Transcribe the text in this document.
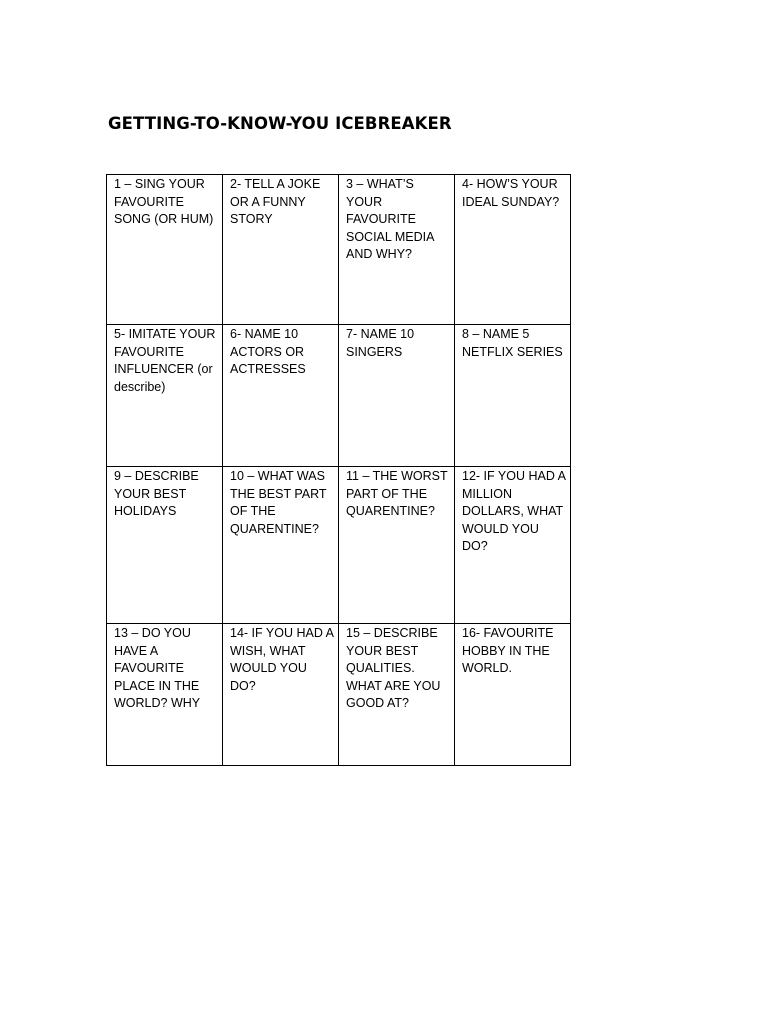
GETTING-TO-KNOW-YOU ICEBREAKER
1 – SING YOUR FAVOURITE SONG (OR HUM)	2- TELL A JOKE OR A FUNNY STORY	3 – WHAT’S YOUR FAVOURITE SOCIAL MEDIA AND WHY?	4- HOW’S YOUR IDEAL SUNDAY?

5- IMITATE YOUR FAVOURITE INFLUENCER (or describe)	6- NAME 10 ACTORS OR ACTRESSES	7- NAME 10 SINGERS	8 – NAME 5 NETFLIX SERIES

9 – DESCRIBE YOUR BEST HOLIDAYS	10 – WHAT WAS THE BEST PART OF THE QUARENTINE?	11 – THE WORST PART OF THE QUARENTINE?	12- IF YOU HAD A MILLION DOLLARS, WHAT WOULD YOU DO?

13 – DO YOU HAVE A FAVOURITE PLACE IN THE WORLD? WHY	14- IF YOU HAD A WISH, WHAT WOULD YOU DO?	15 – DESCRIBE YOUR BEST QUALITIES. WHAT ARE YOU GOOD AT?	16- FAVOURITE HOBBY IN THE WORLD.
